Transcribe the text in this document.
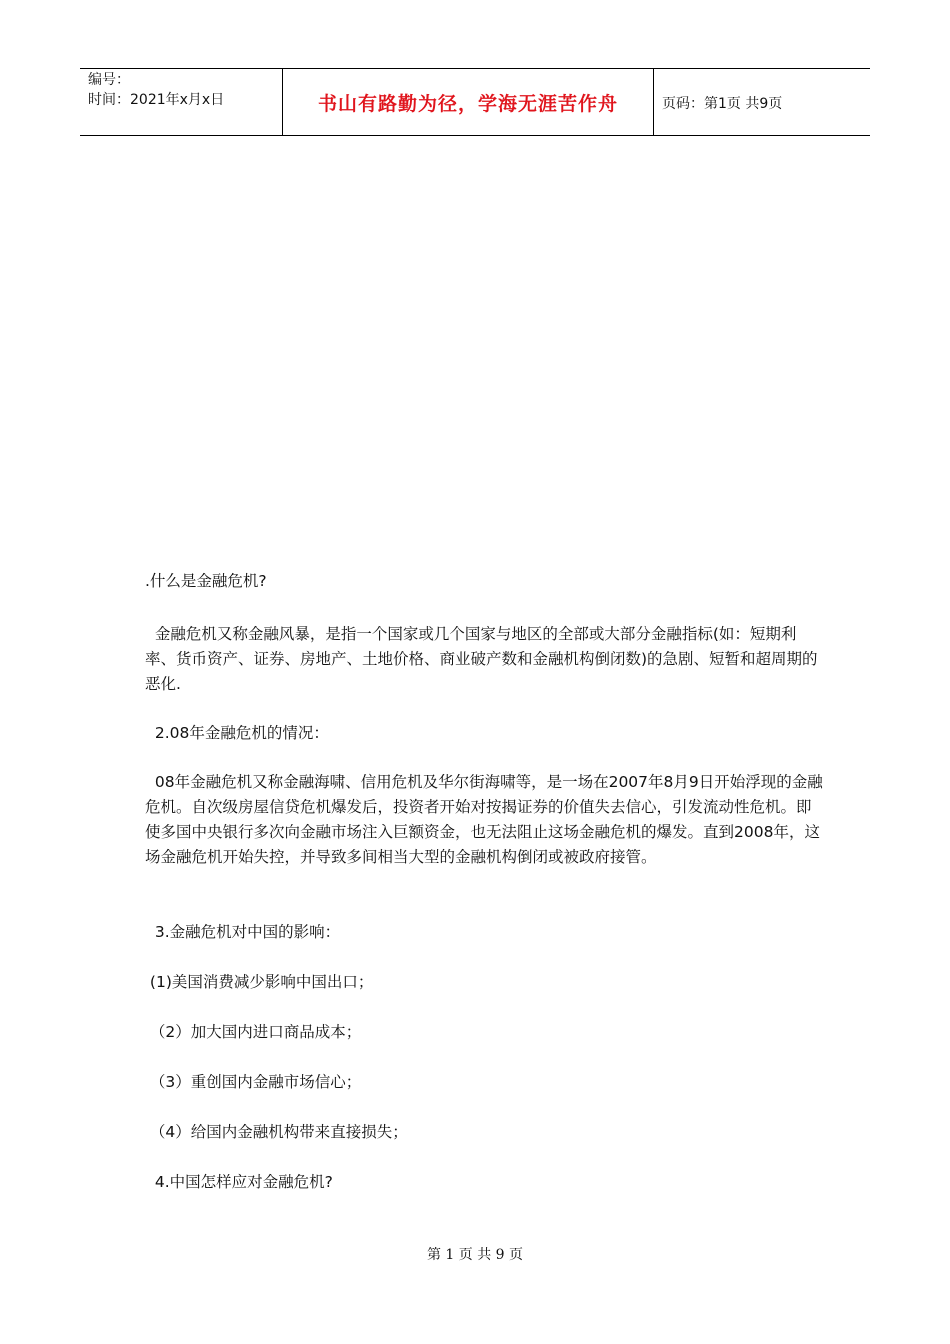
编号：
时间：2021年x月x日	书山有路勤为径，学海无涯苦作舟	页码：第1页 共9页

.什么是金融危机?

金融危机又称金融风暴，是指一个国家或几个国家与地区的全部或大部分金融指标(如：短期利率、货币资产、证券、房地产、土地价格、商业破产数和金融机构倒闭数)的急剧、短暂和超周期的恶化.

2.08年金融危机的情况：

08年金融危机又称金融海啸、信用危机及华尔街海啸等，是一场在2007年8月9日开始浮现的金融危机。自次级房屋信贷危机爆发后，投资者开始对按揭证券的价值失去信心，引发流动性危机。即使多国中央银行多次向金融市场注入巨额资金，也无法阻止这场金融危机的爆发。直到2008年，这场金融危机开始失控，并导致多间相当大型的金融机构倒闭或被政府接管。

3.金融危机对中国的影响：

(1)美国消费减少影响中国出口；

（2）加大国内进口商品成本；

（3）重创国内金融市场信心；

（4）给国内金融机构带来直接损失；

4.中国怎样应对金融危机?

第 1 页 共 9 页
